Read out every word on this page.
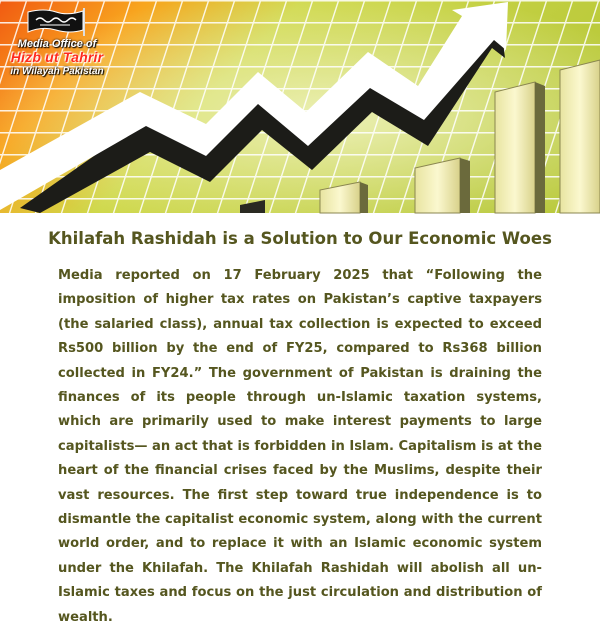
Media Office of
Hizb ut Tahrir
in Wilayah Pakistan
Khilafah Rashidah is a Solution to Our Economic Woes

Media reported on 17 February 2025 that “Following the imposition of higher tax rates on Pakistan’s captive taxpayers (the salaried class), annual tax collection is expected to exceed Rs500 billion by the end of FY25, compared to Rs368 billion collected in FY24.” The government of Pakistan is draining the finances of its people through un-Islamic taxation systems, which are primarily used to make interest payments to large capitalists— an act that is forbidden in Islam. Capitalism is at the heart of the financial crises faced by the Muslims, despite their vast resources. The first step toward true independence is to dismantle the capitalist economic system, along with the current world order, and to replace it with an Islamic economic system under the Khilafah. The Khilafah Rashidah will abolish all un-Islamic taxes and focus on the just circulation and distribution of wealth.
